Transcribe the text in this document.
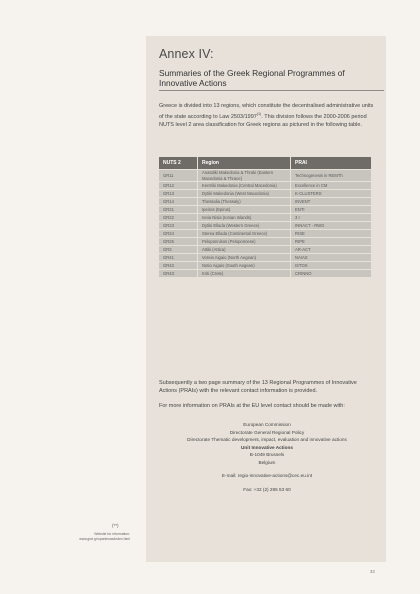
Annex IV:
Summaries of the Greek Regional Programmes of Innovative Actions
Greece is divided into 13 regions, which constitute the decentralised administrative units of the state according to Law 2503/1997$^{(1)}$. This division follows the 2000-2006 period NUTS level 2 area classification for Greek regions as pictured in the following table.
NUTS 2	Region	PRAI
GR11	Anatoliki Makedonia & Thraki (Eastern Macedonia & Thrace)	Technogenesis in REMTh
GR12	Kentriki Makedonia (Central Macedonia)	Excellence in CM
GR13	Dytiki Makedonia (West Macedonia)	K-CLUSTERS
GR14	Thessalia (Thessaly)	INVENT
GR21	Ipeiros (Epirus)	ENTI
GR22	Ionia Nisia (Ionian Islands)	3 I
GR23	Dytiki Ellada (Western Greece)	INNACT - RWG
GR24	Sterea Ellada (Continental Greece)	RISE
GR25	Peloponnisos (Peloponnese)	RIPE
GR3	Attiki (Attica)	AR-ACT
GR41	Voreio Aigaio (North Aegean)	NAIAS
GR42	Notio Aigaio (South Aegean)	ISTOS
GR43	Kriti (Crete)	CRINNO
Subsequently a two page summary of the 13 Regional Programmes of Innovative Actions (PRAIs) with the relevant contact information is provided.
For more information on PRAIs at the EU level contact should be made with:
European Commission
Directorate General Regional Policy
Directorate Thematic development, impact, evaluation and innovative actions
Unit Innovative Actions
B-1049 Brussels
Belgium
E-mail: regio-innovative-actions@cec.eu.int
Fax: +32 (2) 295 53 60
(**)
Website for information:
www.gsrt.gr/opanlnnas/index.html
33
